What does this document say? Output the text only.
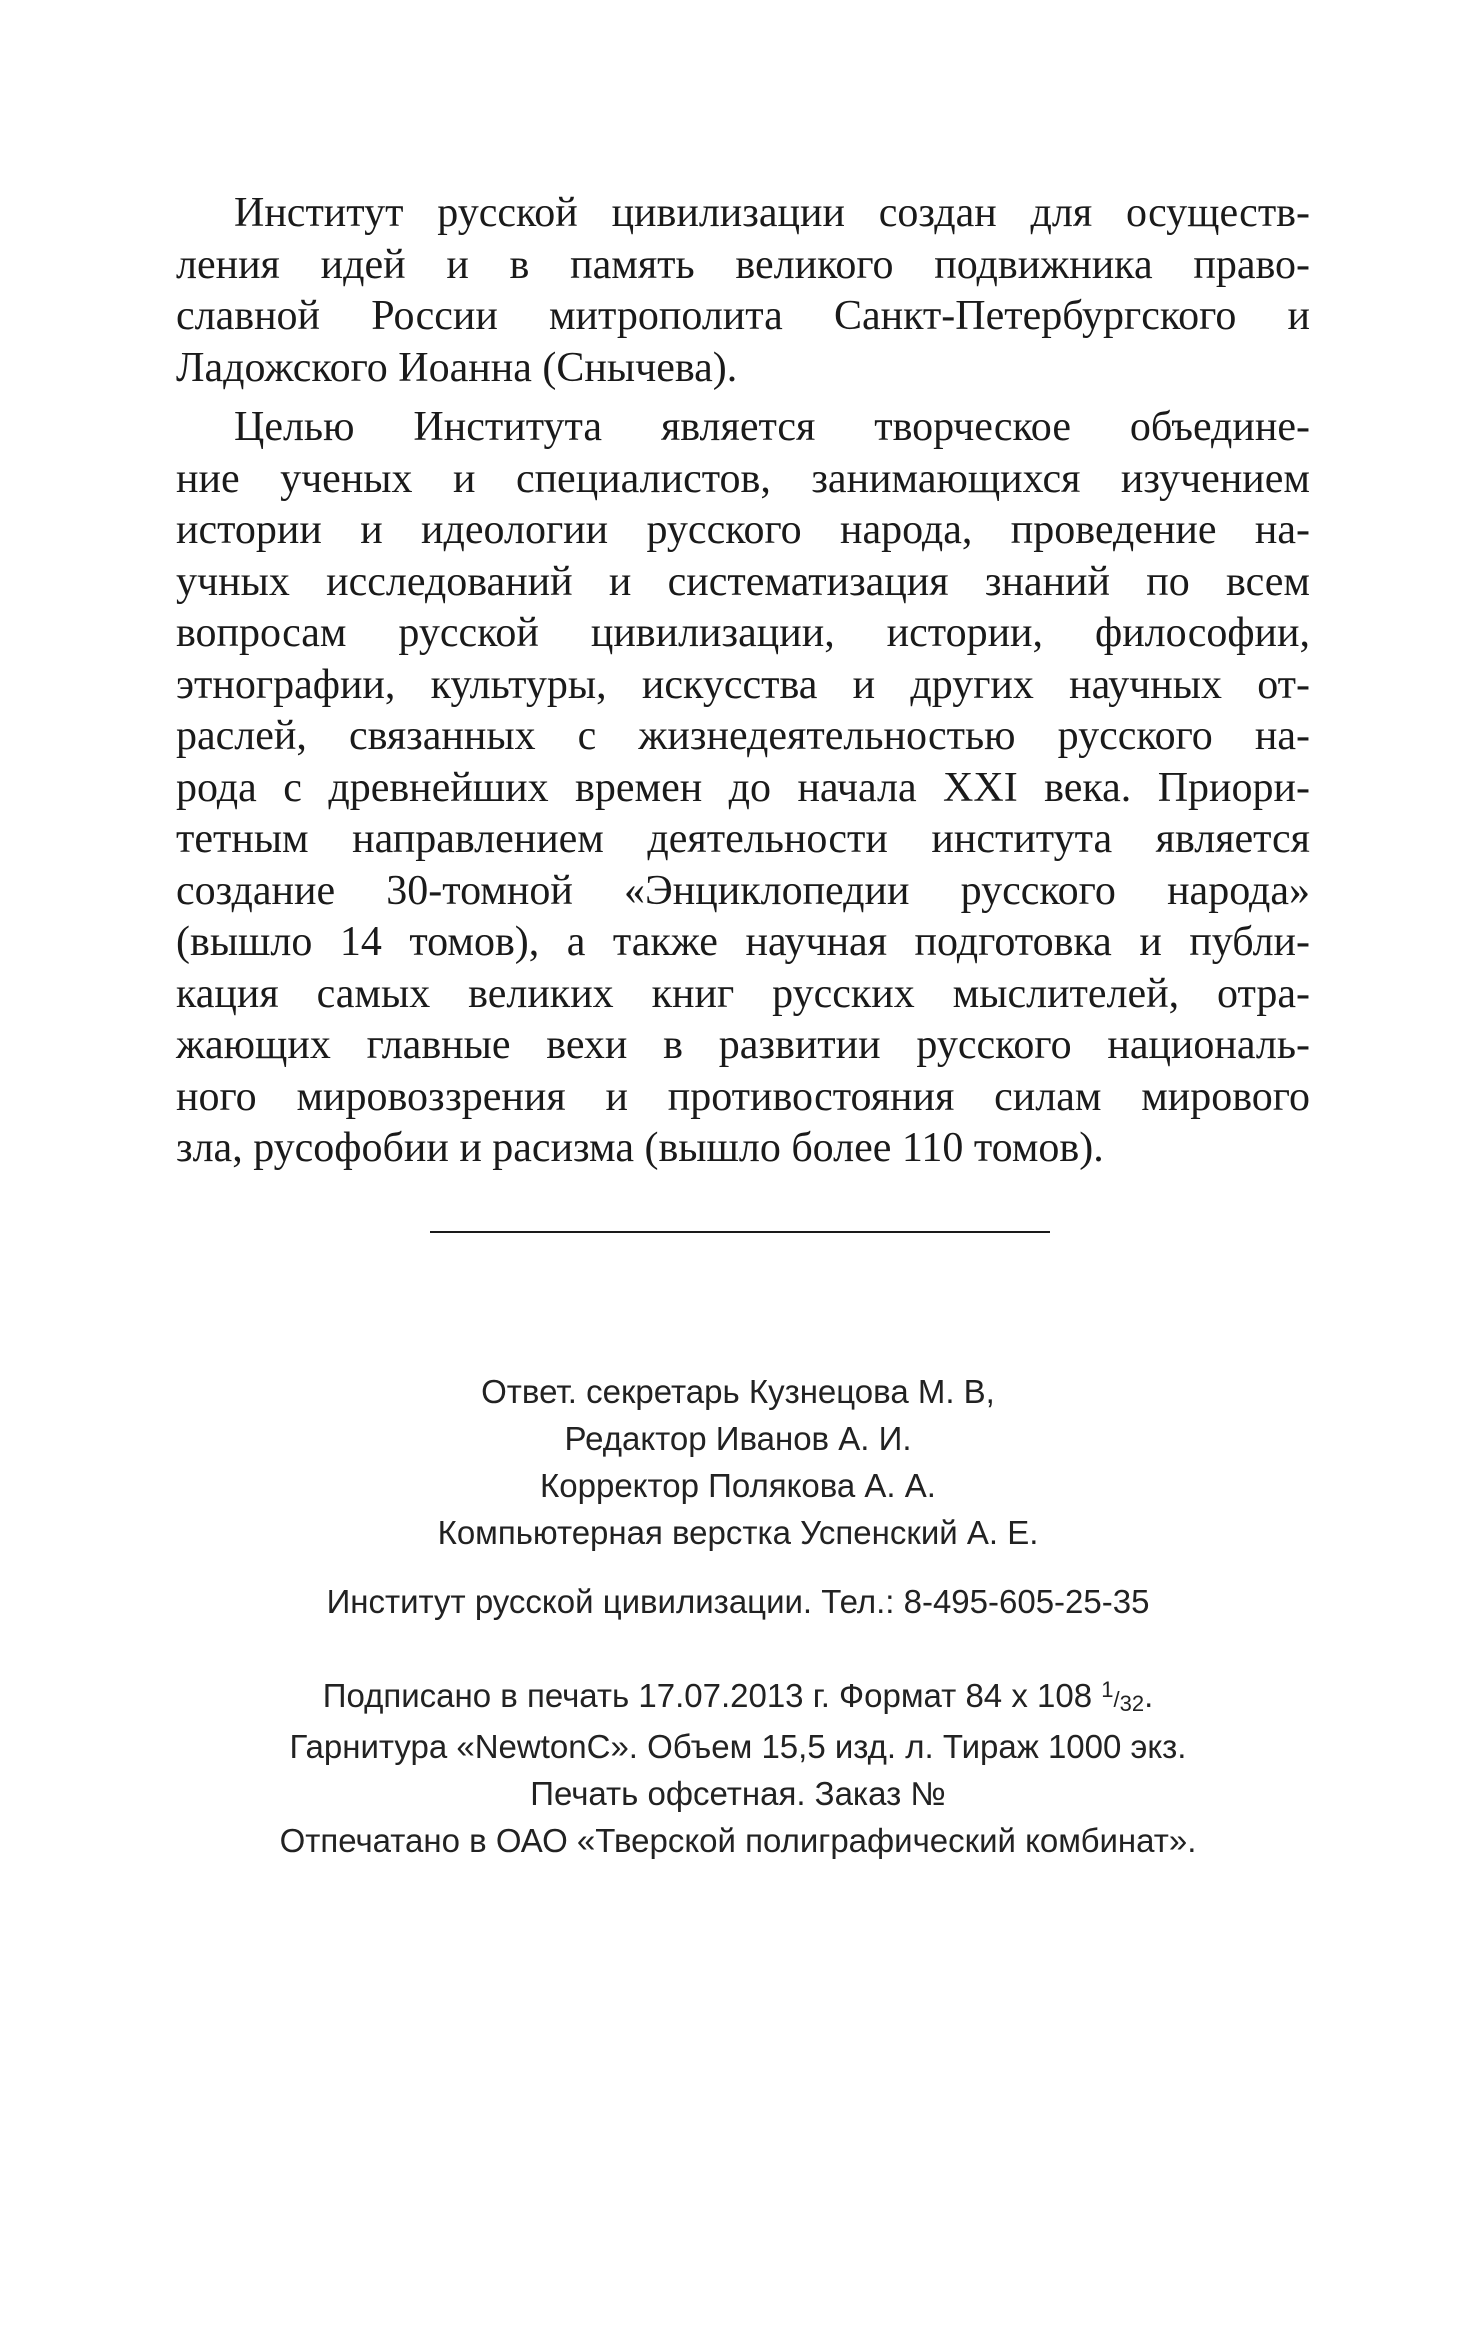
Институт русской цивилизации создан для осуществ-
ления идей и в память великого подвижника право-
славной России митрополита Санкт-Петербургского и
Ладожского Иоанна (Снычева).
Целью Института является творческое объедине-
ние ученых и специалистов, занимающихся изучением
истории и идеологии русского народа, проведение на-
учных исследований и систематизация знаний по всем
вопросам русской цивилизации, истории, философии,
этнографии, культуры, искусства и других научных от-
раслей, связанных с жизнедеятельностью русского на-
рода с древнейших времен до начала XXI века. Приори-
тетным направлением деятельности института является
создание 30-томной «Энциклопедии русского народа»
(вышло 14 томов), а также научная подготовка и публи-
кация самых великих книг русских мыслителей, отра-
жающих главные вехи в развитии русского националь-
ного мировоззрения и противостояния силам мирового
зла, русофобии и расизма (вышло более 110 томов).
Ответ. секретарь Кузнецова М. В,
Редактор Иванов А. И.
Корректор Полякова А. А.
Компьютерная верстка Успенский А. Е.
Институт русской цивилизации. Тел.: 8-495-605-25-35
Подписано в печать 17.07.2013 г. Формат 84 x 108 1/32.
Гарнитура «NewtonC». Объем 15,5 изд. л. Тираж 1000 экз.
Печать офсетная. Заказ №
Отпечатано в ОАО «Тверской полиграфический комбинат».
